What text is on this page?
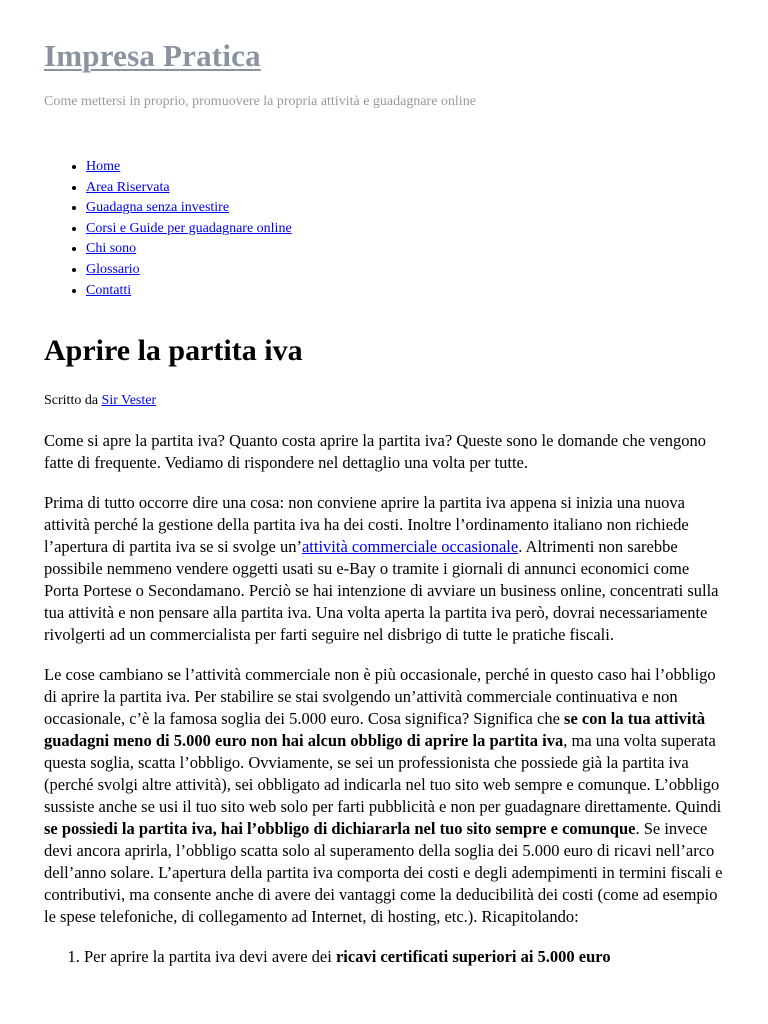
Impresa Pratica
Come mettersi in proprio, promuovere la propria attività e guadagnare online
• Home
• Area Riservata
• Guadagna senza investire
• Corsi e Guide per guadagnare online
• Chi sono
• Glossario
• Contatti
Aprire la partita iva
Scritto da Sir Vester

Come si apre la partita iva? Quanto costa aprire la partita iva? Queste sono le domande che vengono fatte di frequente. Vediamo di rispondere nel dettaglio una volta per tutte.

Prima di tutto occorre dire una cosa: non conviene aprire la partita iva appena si inizia una nuova attività perché la gestione della partita iva ha dei costi. Inoltre l’ordinamento italiano non richiede l’apertura di partita iva se si svolge un’attività commerciale occasionale. Altrimenti non sarebbe possibile nemmeno vendere oggetti usati su e-Bay o tramite i giornali di annunci economici come Porta Portese o Secondamano. Perciò se hai intenzione di avviare un business online, concentrati sulla tua attività e non pensare alla partita iva. Una volta aperta la partita iva però, dovrai necessariamente rivolgerti ad un commercialista per farti seguire nel disbrigo di tutte le pratiche fiscali.

Le cose cambiano se l’attività commerciale non è più occasionale, perché in questo caso hai l’obbligo di aprire la partita iva. Per stabilire se stai svolgendo un’attività commerciale continuativa e non occasionale, c’è la famosa soglia dei 5.000 euro. Cosa significa? Significa che se con la tua attività guadagni meno di 5.000 euro non hai alcun obbligo di aprire la partita iva, ma una volta superata questa soglia, scatta l’obbligo. Ovviamente, se sei un professionista che possiede già la partita iva (perché svolgi altre attività), sei obbligato ad indicarla nel tuo sito web sempre e comunque. L’obbligo sussiste anche se usi il tuo sito web solo per farti pubblicità e non per guadagnare direttamente. Quindi se possiedi la partita iva, hai l’obbligo di dichiararla nel tuo sito sempre e comunque. Se invece devi ancora aprirla, l’obbligo scatta solo al superamento della soglia dei 5.000 euro di ricavi nell’arco dell’anno solare. L’apertura della partita iva comporta dei costi e degli adempimenti in termini fiscali e contributivi, ma consente anche di avere dei vantaggi come la deducibilità dei costi (come ad esempio le spese telefoniche, di collegamento ad Internet, di hosting, etc.). Ricapitolando:

1. Per aprire la partita iva devi avere dei ricavi certificati superiori ai 5.000 euro
